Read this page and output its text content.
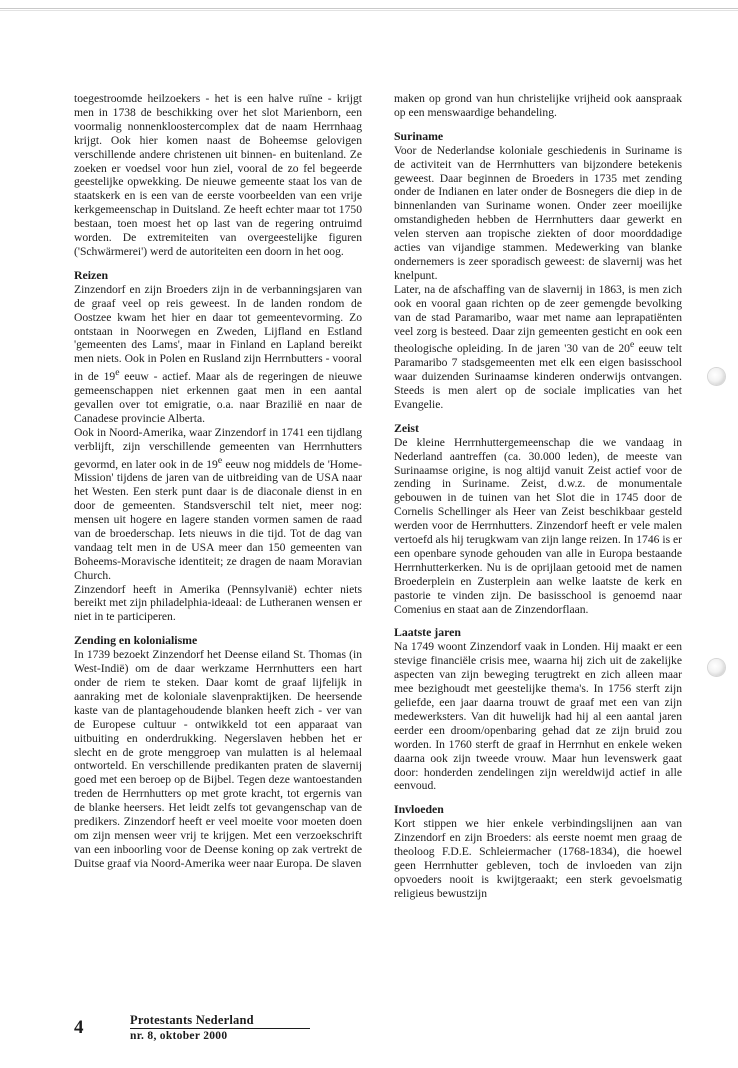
toegestroomde heilzoekers - het is een halve ruïne - krijgt men in 1738 de beschikking over het slot Marienborn, een voormalig nonnenkloostercomplex dat de naam Herrnhaag krijgt. Ook hier komen naast de Boheemse gelovigen verschillende andere christenen uit binnen- en buitenland. Ze zoeken er voedsel voor hun ziel, vooral de zo fel begeerde geestelijke opwekking. De nieuwe gemeente staat los van de staatskerk en is een van de eerste voorbeelden van een vrije kerkgemeenschap in Duitsland. Ze heeft echter maar tot 1750 bestaan, toen moest het op last van de regering ontruimd worden. De extremiteiten van overgeestelijke figuren ('Schwärmerei') werd de autoriteiten een doorn in het oog.

Reizen

Zinzendorf en zijn Broeders zijn in de verbanningsjaren van de graaf veel op reis geweest. In de landen rondom de Oostzee kwam het hier en daar tot gemeentevorming. Zo ontstaan in Noorwegen en Zweden, Lijfland en Estland 'gemeenten des Lams', maar in Finland en Lapland bereikt men niets. Ook in Polen en Rusland zijn Herrnbutters - vooral in de 19e eeuw - actief. Maar als de regeringen de nieuwe gemeenschappen niet erkennen gaat men in een aantal gevallen over tot emigratie, o.a. naar Brazilië en naar de Canadese provincie Alberta.

Ook in Noord-Amerika, waar Zinzendorf in 1741 een tijdlang verblijft, zijn verschillende gemeenten van Herrnhutters gevormd, en later ook in de 19e eeuw nog middels de 'Home-Mission' tijdens de jaren van de uitbreiding van de USA naar het Westen. Een sterk punt daar is de diaconale dienst in en door de gemeenten. Standsverschil telt niet, meer nog: mensen uit hogere en lagere standen vormen samen de raad van de broederschap. Iets nieuws in die tijd. Tot de dag van vandaag telt men in de USA meer dan 150 gemeenten van Boheems-Moravische identiteit; ze dragen de naam Moravian Church.

Zinzendorf heeft in Amerika (Pennsylvanië) echter niets bereikt met zijn philadelphia-ideaal: de Lutheranen wensen er niet in te participeren.

Zending en kolonialisme

In 1739 bezoekt Zinzendorf het Deense eiland St. Thomas (in West-Indië) om de daar werkzame Herrnhutters een hart onder de riem te steken. Daar komt de graaf lijfelijk in aanraking met de koloniale slavenpraktijken. De heersende kaste van de plantagehoudende blanken heeft zich - ver van de Europese cultuur - ontwikkeld tot een apparaat van uitbuiting en onderdrukking. Negerslaven hebben het er slecht en de grote menggroep van mulatten is al helemaal ontworteld. En verschillende predikanten praten de slavernij goed met een beroep op de Bijbel. Tegen deze wantoestanden treden de Herrnhutters op met grote kracht, tot ergernis van de blanke heersers. Het leidt zelfs tot gevangenschap van de predikers. Zinzendorf heeft er veel moeite voor moeten doen om zijn mensen weer vrij te krijgen. Met een verzoekschrift van een inboorling voor de Deense koning op zak vertrekt de Duitse graaf via Noord-Amerika weer naar Europa. De slaven

maken op grond van hun christelijke vrijheid ook aanspraak op een menswaardige behandeling.

Suriname

Voor de Nederlandse koloniale geschiedenis in Suriname is de activiteit van de Herrnhutters van bijzondere betekenis geweest. Daar beginnen de Broeders in 1735 met zending onder de Indianen en later onder de Bosnegers die diep in de binnenlanden van Suriname wonen. Onder zeer moeilijke omstandigheden hebben de Herrnhutters daar gewerkt en velen sterven aan tropische ziekten of door moorddadige acties van vijandige stammen. Medewerking van blanke ondernemers is zeer sporadisch geweest: de slavernij was het knelpunt.

Later, na de afschaffing van de slavernij in 1863, is men zich ook en vooral gaan richten op de zeer gemengde bevolking van de stad Paramaribo, waar met name aan leprapatiënten veel zorg is besteed. Daar zijn gemeenten gesticht en ook een theologische opleiding. In de jaren '30 van de 20e eeuw telt Paramaribo 7 stadsgemeenten met elk een eigen basisschool waar duizenden Surinaamse kinderen onderwijs ontvangen. Steeds is men alert op de sociale implicaties van het Evangelie.

Zeist

De kleine Herrnhuttergemeenschap die we vandaag in Nederland aantreffen (ca. 30.000 leden), de meeste van Surinaamse origine, is nog altijd vanuit Zeist actief voor de zending in Suriname. Zeist, d.w.z. de monumentale gebouwen in de tuinen van het Slot die in 1745 door de Cornelis Schellinger als Heer van Zeist beschikbaar gesteld werden voor de Herrnhutters. Zinzendorf heeft er vele malen vertoefd als hij terugkwam van zijn lange reizen. In 1746 is er een openbare synode gehouden van alle in Europa bestaande Herrnhutterkerken. Nu is de oprijlaan getooid met de namen Broederplein en Zusterplein aan welke laatste de kerk en pastorie te vinden zijn. De basisschool is genoemd naar Comenius en staat aan de Zinzendorflaan.

Laatste jaren

Na 1749 woont Zinzendorf vaak in Londen. Hij maakt er een stevige financiële crisis mee, waarna hij zich uit de zakelijke aspecten van zijn beweging terugtrekt en zich alleen maar mee bezighoudt met geestelijke thema's. In 1756 sterft zijn geliefde, een jaar daarna trouwt de graaf met een van zijn medewerksters. Van dit huwelijk had hij al een aantal jaren eerder een droom/openbaring gehad dat ze zijn bruid zou worden. In 1760 sterft de graaf in Herrnhut en enkele weken daarna ook zijn tweede vrouw. Maar hun levenswerk gaat door: honderden zendelingen zijn wereldwijd actief in alle eenvoud.

Invloeden

Kort stippen we hier enkele verbindingslijnen aan van Zinzendorf en zijn Broeders: als eerste noemt men graag de theoloog F.D.E. Schleiermacher (1768-1834), die hoewel geen Herrnhutter gebleven, toch de invloeden van zijn opvoeders nooit is kwijtgeraakt; een sterk gevoelsmatig religieus bewustzijn

4	Protestants Nederland
nr. 8, oktober 2000
